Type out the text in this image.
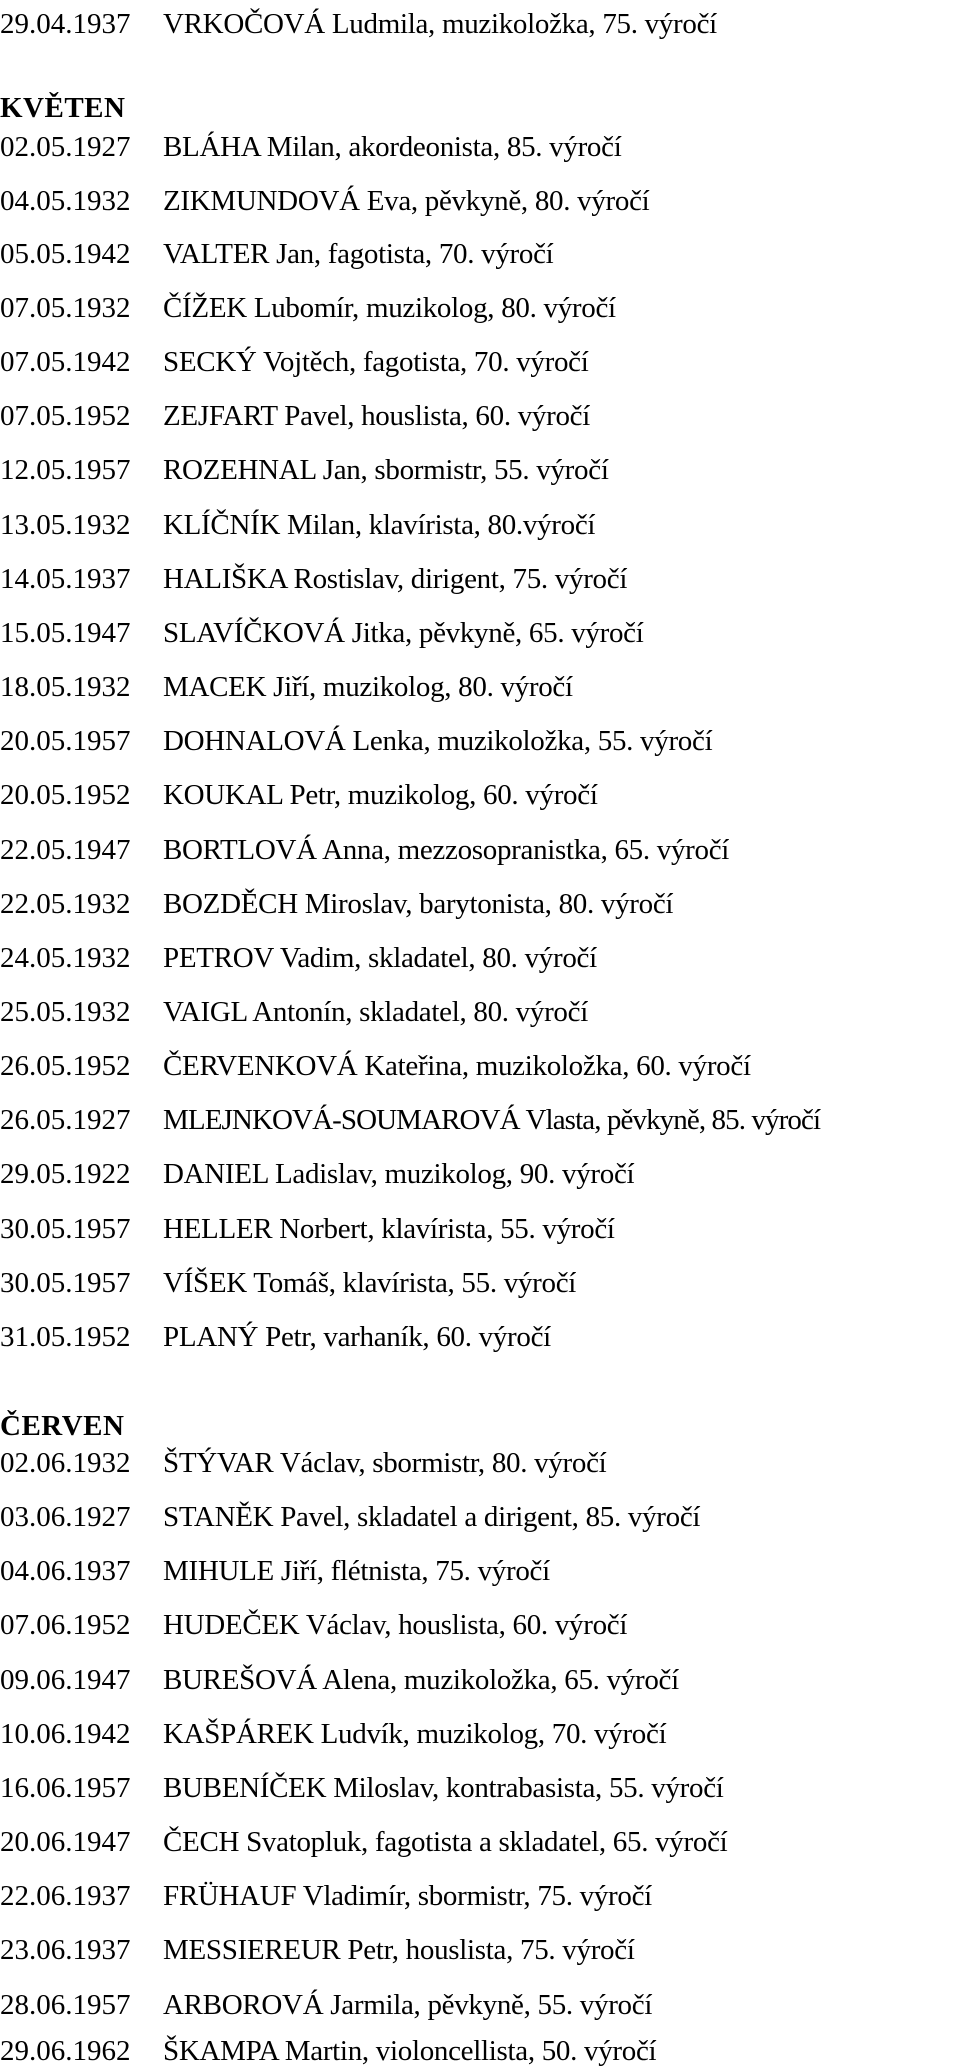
29.04.1937 VRKOČOVÁ Ludmila, muzikoložka, 75. výročí
KVĚTEN
02.05.1927 BLÁHA Milan, akordeonista, 85. výročí
04.05.1932 ZIKMUNDOVÁ Eva, pěvkyně, 80. výročí
05.05.1942 VALTER Jan, fagotista, 70. výročí
07.05.1932 ČÍŽEK Lubomír, muzikolog, 80. výročí
07.05.1942 SECKÝ Vojtěch, fagotista, 70. výročí
07.05.1952 ZEJFART Pavel, houslista, 60. výročí
12.05.1957 ROZEHNAL Jan, sbormistr, 55. výročí
13.05.1932 KLÍČNÍK Milan, klavírista, 80.výročí
14.05.1937 HALIŠKA Rostislav, dirigent, 75. výročí
15.05.1947 SLAVÍČKOVÁ Jitka, pěvkyně, 65. výročí
18.05.1932 MACEK Jiří, muzikolog, 80. výročí
20.05.1957 DOHNALOVÁ Lenka, muzikoložka, 55. výročí
20.05.1952 KOUKAL Petr, muzikolog, 60. výročí
22.05.1947 BORTLOVÁ Anna, mezzosopranistka, 65. výročí
22.05.1932 BOZDĚCH Miroslav, barytonista, 80. výročí
24.05.1932 PETROV Vadim, skladatel, 80. výročí
25.05.1932 VAIGL Antonín, skladatel, 80. výročí
26.05.1952 ČERVENKOVÁ Kateřina, muzikoložka, 60. výročí
26.05.1927 MLEJNKOVÁ-SOUMAROVÁ Vlasta, pěvkyně, 85. výročí
29.05.1922 DANIEL Ladislav, muzikolog, 90. výročí
30.05.1957 HELLER Norbert, klavírista, 55. výročí
30.05.1957 VÍŠEK Tomáš, klavírista, 55. výročí
31.05.1952 PLANÝ Petr, varhaník, 60. výročí
ČERVEN
02.06.1932 ŠTÝVAR Václav, sbormistr, 80. výročí
03.06.1927 STANĚK Pavel, skladatel a dirigent, 85. výročí
04.06.1937 MIHULE Jiří, flétnista, 75. výročí
07.06.1952 HUDEČEK Václav, houslista, 60. výročí
09.06.1947 BUREŠOVÁ Alena, muzikoložka, 65. výročí
10.06.1942 KAŠPÁREK Ludvík, muzikolog, 70. výročí
16.06.1957 BUBENÍČEK Miloslav, kontrabasista, 55. výročí
20.06.1947 ČECH Svatopluk, fagotista a skladatel, 65. výročí
22.06.1937 FRÜHAUF Vladimír, sbormistr, 75. výročí
23.06.1937 MESSIEREUR Petr, houslista, 75. výročí
28.06.1957 ARBOROVÁ Jarmila, pěvkyně, 55. výročí
29.06.1962 ŠKAMPA Martin, violoncellista, 50. výročí
